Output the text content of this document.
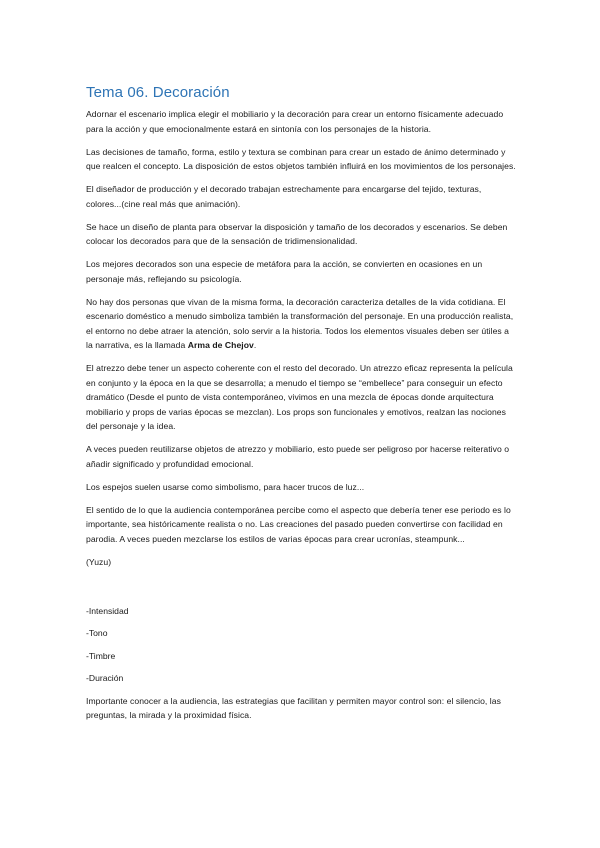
Tema 06. Decoración

Adornar el escenario implica elegir el mobiliario y la decoración para crear un entorno físicamente adecuado para la acción y que emocionalmente estará en sintonía con los personajes de la historia.

Las decisiones de tamaño, forma, estilo y textura se combinan para crear un estado de ánimo determinado y que realcen el concepto. La disposición de estos objetos también influirá en los movimientos de los personajes.

El diseñador de producción y el decorado trabajan estrechamente para encargarse del tejido, texturas, colores...(cine real más que animación).

Se hace un diseño de planta para observar la disposición y tamaño de los decorados y escenarios. Se deben colocar los decorados para que de la sensación de tridimensionalidad.

Los mejores decorados son una especie de metáfora para la acción, se convierten en ocasiones en un personaje más, reflejando su psicología.

No hay dos personas que vivan de la misma forma, la decoración caracteriza detalles de la vida cotidiana. El escenario doméstico a menudo simboliza también la transformación del personaje. En una producción realista, el entorno no debe atraer la atención, solo servir a la historia. Todos los elementos visuales deben ser útiles a la narrativa, es la llamada Arma de Chejov.

El atrezzo debe tener un aspecto coherente con el resto del decorado. Un atrezzo eficaz representa la película en conjunto y la época en la que se desarrolla; a menudo el tiempo se “embellece” para conseguir un efecto dramático (Desde el punto de vista contemporáneo, vivimos en una mezcla de épocas donde arquitectura mobiliario y props de varias épocas se mezclan). Los props son funcionales y emotivos, realzan las nociones del personaje y la idea.

A veces pueden reutilizarse objetos de atrezzo y mobiliario, esto puede ser peligroso por hacerse reiterativo o añadir significado y profundidad emocional.

Los espejos suelen usarse como simbolismo, para hacer trucos de luz...

El sentido de lo que la audiencia contemporánea percibe como el aspecto que debería tener ese periodo es lo importante, sea históricamente realista o no. Las creaciones del pasado pueden convertirse con facilidad en parodia. A veces pueden mezclarse los estilos de varias épocas para crear ucronías, steampunk...

(Yuzu)

-Intensidad

-Tono

-Timbre

-Duración

Importante conocer a la audiencia, las estrategias que facilitan y permiten mayor control son: el silencio, las preguntas, la mirada y la proximidad física.
